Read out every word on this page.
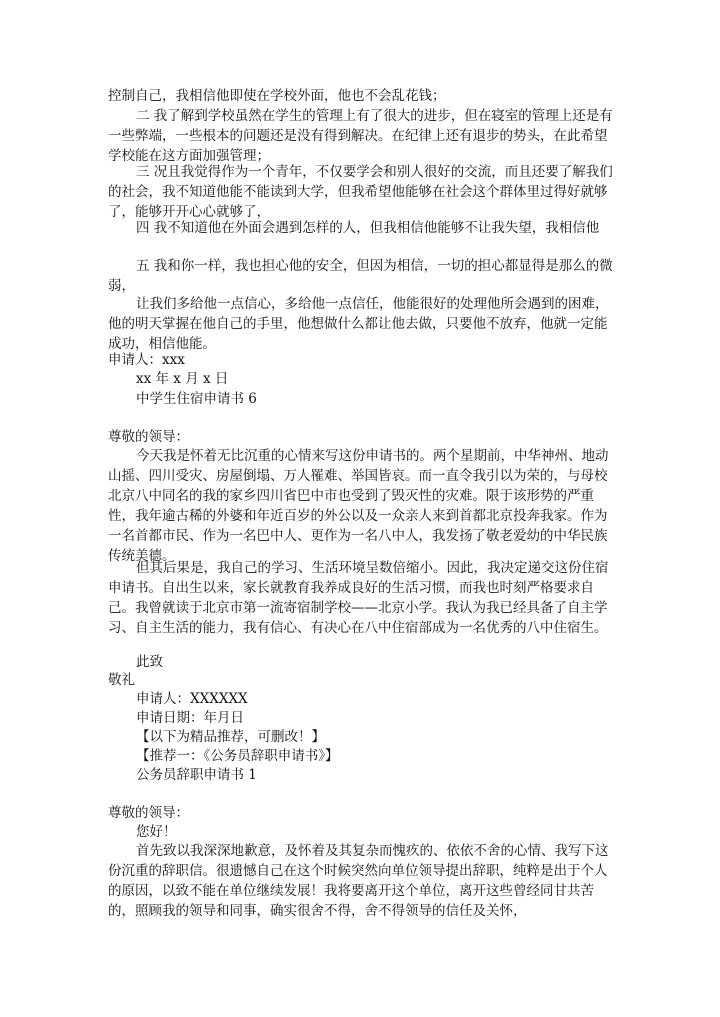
控制自己，我相信他即使在学校外面，他也不会乱花钱；

二 我了解到学校虽然在学生的管理上有了很大的进步，但在寝室的管理上还是有一些弊端，一些根本的问题还是没有得到解决。在纪律上还有退步的势头，在此希望学校能在这方面加强管理；

三 况且我觉得作为一个青年，不仅要学会和别人很好的交流，而且还要了解我们的社会，我不知道他能不能读到大学，但我希望他能够在社会这个群体里过得好就够了，能够开开心心就够了，

四 我不知道他在外面会遇到怎样的人，但我相信他能够不让我失望，我相信他

五 我和你一样，我也担心他的安全，但因为相信，一切的担心都显得是那么的微弱，

让我们多给他一点信心，多给他一点信任，他能很好的处理他所会遇到的困难，他的明天掌握在他自己的手里，他想做什么都让他去做，只要他不放弃，他就一定能成功，相信他能。

申请人：xxx

xx 年 x 月 x 日

中学生住宿申请书 6

尊敬的领导：

今天我是怀着无比沉重的心情来写这份申请书的。两个星期前，中华神州、地动山摇、四川受灾、房屋倒塌、万人罹难、举国皆哀。而一直令我引以为荣的，与母校北京八中同名的我的家乡四川省巴中市也受到了毁灭性的灾难。限于该形势的严重性，我年逾古稀的外婆和年近百岁的外公以及一众亲人来到首都北京投奔我家。作为一名首都市民、作为一名巴中人、更作为一名八中人，我发扬了敬老爱幼的中华民族传统美德。

但其后果是，我自己的学习、生活环境呈数倍缩小。因此，我决定递交这份住宿申请书。自出生以来，家长就教育我养成良好的生活习惯，而我也时刻严格要求自己。我曾就读于北京市第一流寄宿制学校——北京小学。我认为我已经具备了自主学习、自主生活的能力，我有信心、有决心在八中住宿部成为一名优秀的八中住宿生。

此致

敬礼

申请人：XXXXXX

申请日期：年月日

【以下为精品推荐，可删改！】

【推荐一：《公务员辞职申请书》】

公务员辞职申请书 1

尊敬的领导：

您好！

首先致以我深深地歉意，及怀着及其复杂而愧疚的、依依不舍的心情、我写下这份沉重的辞职信。很遗憾自己在这个时候突然向单位领导提出辞职，纯粹是出于个人的原因，以致不能在单位继续发展！我将要离开这个单位，离开这些曾经同甘共苦的，照顾我的领导和同事，确实很舍不得，舍不得领导的信任及关怀，
